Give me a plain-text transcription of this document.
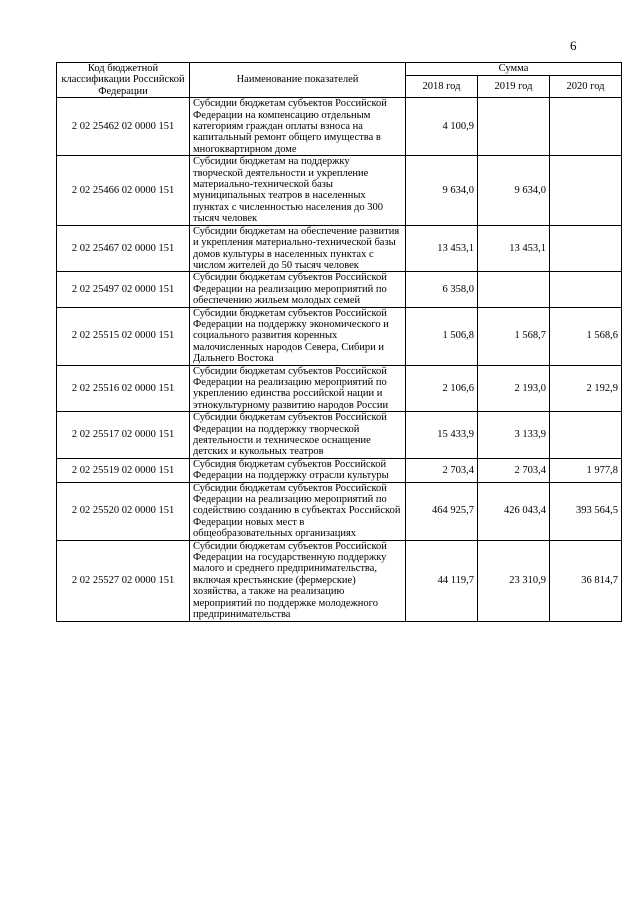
6
Код бюджетной классификации Российской Федерации	Наименование показателей	Сумма		
		2018 год	2019 год	2020 год
2 02 25462 02 0000 151	Субсидии бюджетам субъектов Российской Федерации на компенсацию отдельным категориям граждан оплаты взноса на капитальный ремонт общего имущества в многоквартирном доме	4 100,9		
2 02 25466 02 0000 151	Субсидии бюджетам на поддержку творческой деятельности и укрепление материально-технической базы муниципальных театров в населенных пунктах с численностью населения до 300 тысяч человек	9 634,0	9 634,0	
2 02 25467 02 0000 151	Субсидии бюджетам на обеспечение развития и укрепления материально-технической базы домов культуры в населенных пунктах с числом жителей до 50 тысяч человек	13 453,1	13 453,1	
2 02 25497 02 0000 151	Субсидии бюджетам субъектов Российской Федерации на реализацию мероприятий по обеспечению жильем молодых семей	6 358,0		
2 02 25515 02 0000 151	Субсидии бюджетам субъектов Российской Федерации на поддержку экономического и социального развития коренных малочисленных народов Севера, Сибири и Дальнего Востока	1 506,8	1 568,7	1 568,6
2 02 25516 02 0000 151	Субсидии бюджетам субъектов Российской Федерации на реализацию мероприятий по укреплению единства российской нации и этнокультурному развитию народов России	2 106,6	2 193,0	2 192,9
2 02 25517 02 0000 151	Субсидии бюджетам субъектов Российской Федерации на поддержку творческой деятельности и техническое оснащение детских и кукольных театров	15 433,9	3 133,9	
2 02 25519 02 0000 151	Субсидия бюджетам субъектов Российской Федерации на поддержку отрасли культуры	2 703,4	2 703,4	1 977,8
2 02 25520 02 0000 151	Субсидии бюджетам субъектов Российской Федерации на реализацию мероприятий по содействию созданию в субъектах Российской Федерации новых мест в общеобразовательных организациях	464 925,7	426 043,4	393 564,5
2 02 25527 02 0000 151	Субсидии бюджетам субъектов Российской Федерации на государственную поддержку малого и среднего предпринимательства, включая крестьянские (фермерские) хозяйства, а также на реализацию мероприятий по поддержке молодежного предпринимательства	44 119,7	23 310,9	36 814,7
